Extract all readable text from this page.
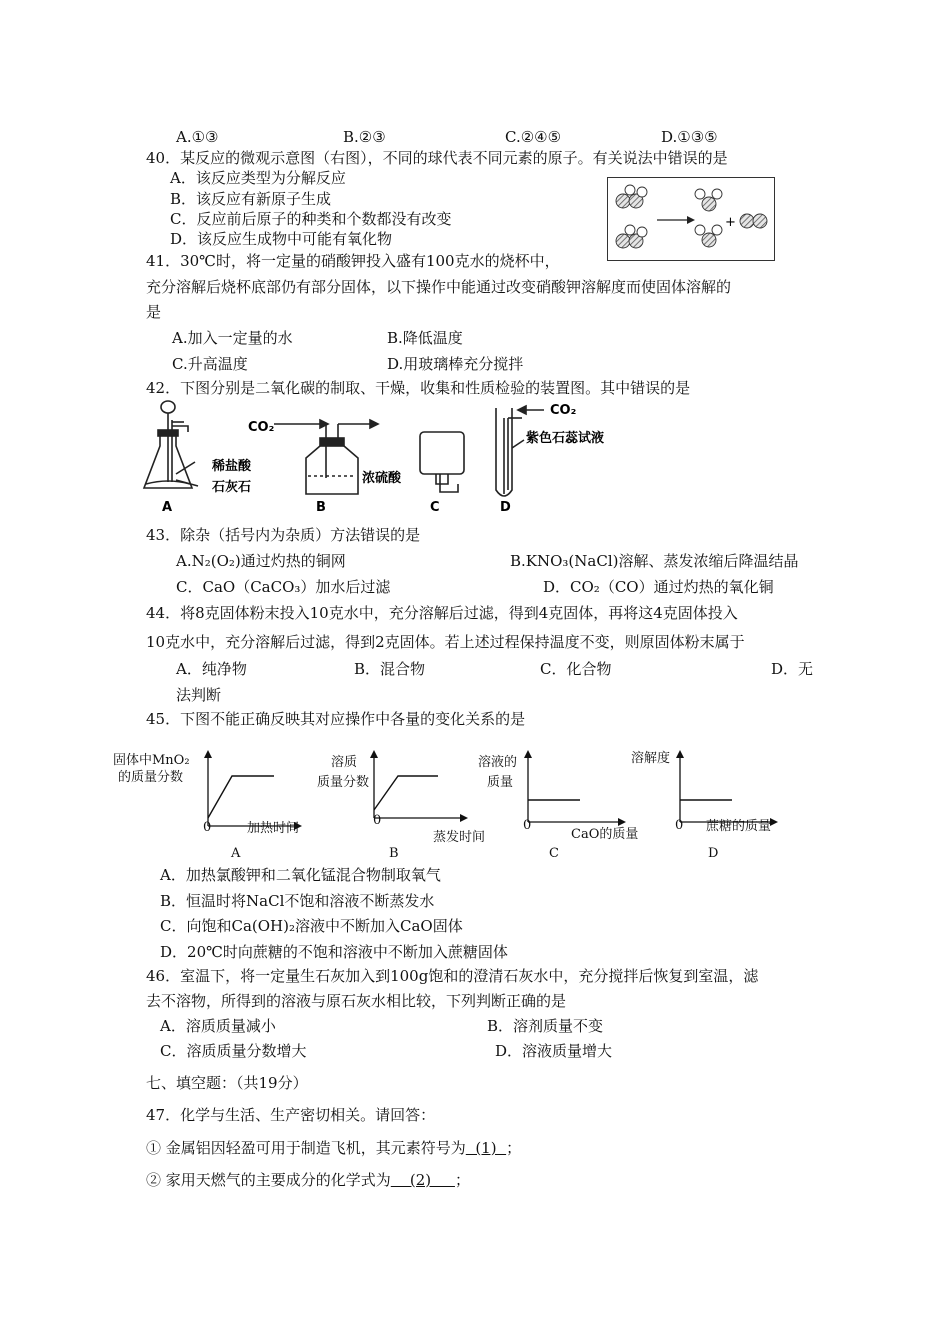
A.①③	B.②③	C.②④⑤	D.①③⑤
40．某反应的微观示意图（右图），不同的球代表不同元素的原子。有关说法中错误的是
A．该反应类型为分解反应
B．该反应有新原子生成
C．反应前后原子的种类和个数都没有改变
D．该反应生成物中可能有氧化物
+
41．30℃时，将一定量的硝酸钾投入盛有100克水的烧杯中，
充分溶解后烧杯底部仍有部分固体，以下操作中能通过改变硝酸钾溶解度而使固体溶解的
是
A.加入一定量的水	B.降低温度
C.升高温度	D.用玻璃棒充分搅拌
42．下图分别是二氧化碳的制取、干燥，收集和性质检验的装置图。其中错误的是
稀盐酸
石灰石
A
CO₂
浓硫酸
B	C
CO₂
紫色石蕊试液
D
43．除杂（括号内为杂质）方法错误的是
A.N₂(O₂)通过灼热的铜网	B.KNO₃(NaCl)溶解、蒸发浓缩后降温结晶
C．CaO（CaCO₃）加水后过滤	D．CO₂（CO）通过灼热的氧化铜
44．将8克固体粉末投入10克水中，充分溶解后过滤，得到4克固体，再将这4克固体投入
10克水中，充分溶解后过滤，得到2克固体。若上述过程保持温度不变，则原固体粉末属于
A．纯净物	B．混合物	C．化合物	D．无
法判断
45．下图不能正确反映其对应操作中各量的变化关系的是
固体中MnO₂
的质量分数
0	加热时间
A
溶质
质量分数
0
蒸发时间
B
溶液的
质量
0
CaO的质量
C
溶解度
0 蔗糖的质量
D
A．加热氯酸钾和二氧化锰混合物制取氧气
B．恒温时将NaCl不饱和溶液不断蒸发水
C．向饱和Ca(OH)₂溶液中不断加入CaO固体
D．20℃时向蔗糖的不饱和溶液中不断加入蔗糖固体
46．室温下，将一定量生石灰加入到100g饱和的澄清石灰水中，充分搅拌后恢复到室温，滤
去不溶物，所得到的溶液与原石灰水相比较，下列判断正确的是
A．溶质质量减小	B．溶剂质量不变
C．溶质质量分数增大	D．溶液质量增大
七、填空题：（共19分）
47．化学与生活、生产密切相关。请回答：
① 金属铝因轻盈可用于制造飞机，其元素符号为  (1)  ；
② 家用天燃气的主要成分的化学式为    (2)     ；
